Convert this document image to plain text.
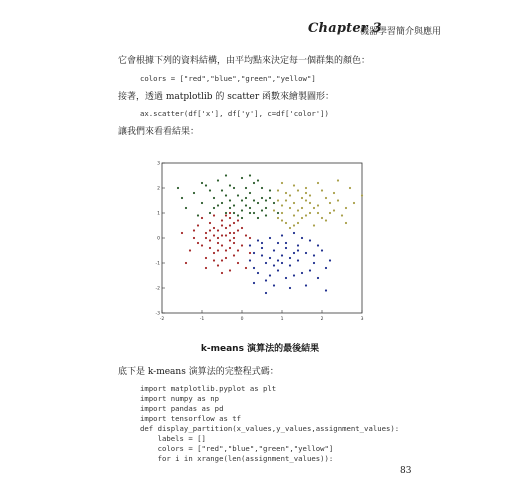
Chapter 3
機器學習簡介與應用
它會根據下列的資料結構，由平均點來決定每一個群集的顏色：
colors = ["red","blue","green","yellow"]
接著，透過 matplotlib 的 scatter 函數來繪製圖形：
ax.scatter(df['x'], df['y'], c=df['color'])
讓我們來看看結果：
-2	-1	0	1	2	3
-3
-2
-1
0
1
2
3
k-means 演算法的最後結果
底下是 k-means 演算法的完整程式碼：
import matplotlib.pyplot as plt
import numpy as np
import pandas as pd
import tensorflow as tf
def display_partition(x_values,y_values,assignment_values):
labels = []
colors = ["red","blue","green","yellow"]
for i in xrange(len(assignment_values)):
83
